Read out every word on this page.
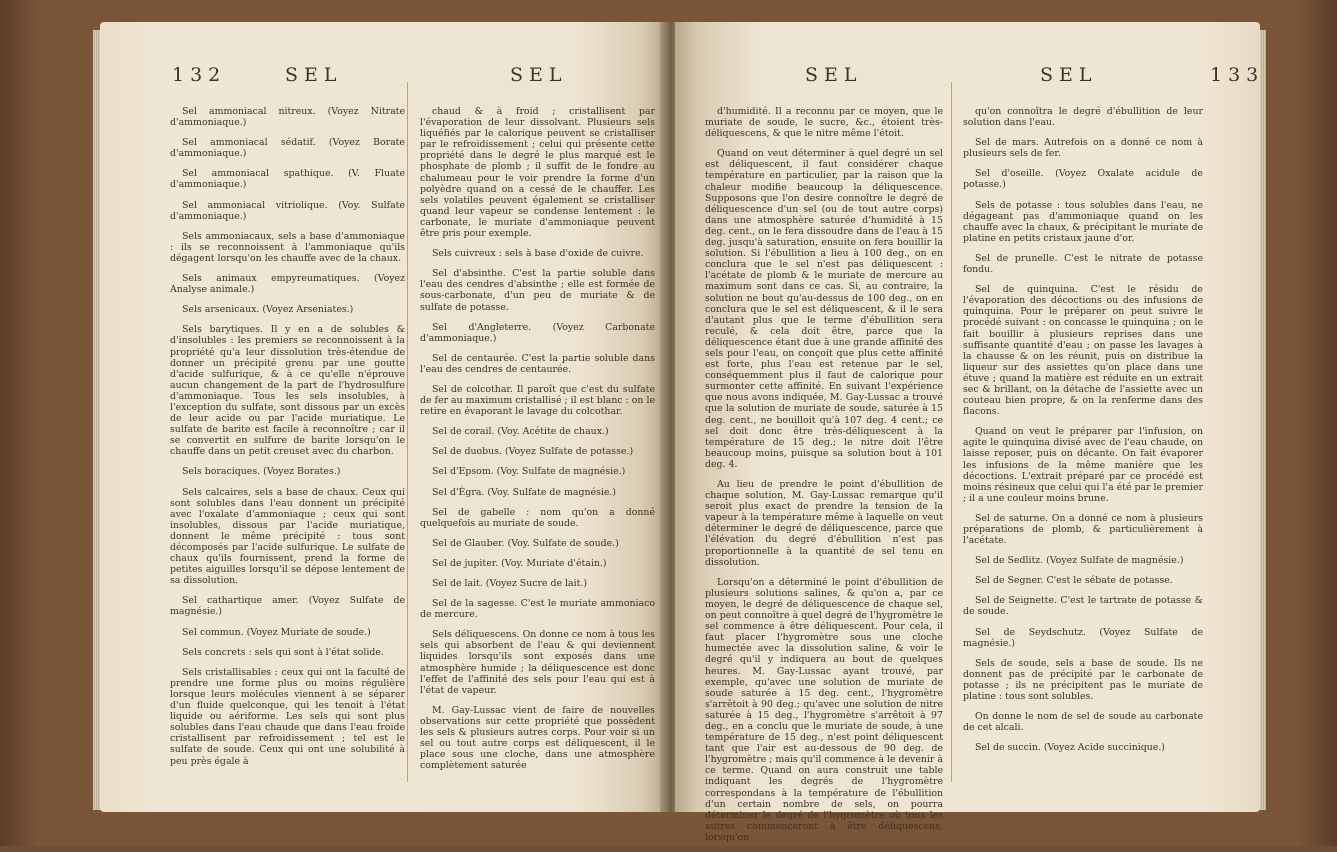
132	SEL	SEL

Sel ammoniacal nitreux. (Voyez Nitrate d'ammoniaque.)

Sel ammoniacal sédatif. (Voyez Borate d'ammoniaque.)

Sel ammoniacal spathique. (V. Fluate d'ammoniaque.)

Sel ammoniacal vitriolique. (Voy. Sulfate d'ammoniaque.)

Sels ammoniacaux, sels a base d'ammoniaque : ils se reconnoissent à l'ammoniaque qu'ils dégagent lorsqu'on les chauffe avec de la chaux.

Sels animaux empyreumatiques. (Voyez Analyse animale.)

Sels arsenicaux. (Voyez Arseniates.)

Sels barytiques. Il y en a de solubles & d'insolubles : les premiers se reconnoissent à la propriété qu'a leur dissolution très-étendue de donner un précipité grenu par une goutte d'acide sulfurique, & à ce qu'elle n'éprouve aucun changement de la part de l'hydrosulfure d'ammoniaque. Tous les sels insolubles, à l'exception du sulfate, sont dissous par un excès de leur acide ou par l'acide muriatique. Le sulfate de barite est facile à reconnoître ; car il se convertit en sulfure de barite lorsqu'on le chauffe dans un petit creuset avec du charbon.

Sels boraciques. (Voyez Borates.)

Sels calcaires, sels a base de chaux. Ceux qui sont solubles dans l'eau donnent un précipité avec l'oxalate d'ammoniaque ; ceux qui sont insolubles, dissous par l'acide muriatique, donnent le même précipité : tous sont décomposés par l'acide sulfurique. Le sulfate de chaux qu'ils fournissent, prend la forme de petites aiguilles lorsqu'il se dépose lentement de sa dissolution.

Sel cathartique amer. (Voyez Sulfate de magnésie.)

Sel commun. (Voyez Muriate de soude.)

Sels concrets : sels qui sont à l'état solide.

Sels cristallisables : ceux qui ont la faculté de prendre une forme plus ou moins régulière lorsque leurs molécules viennent à se séparer d'un fluide quelconque, qui les tenoit à l'état liquide ou aériforme. Les sels qui sont plus solubles dans l'eau chaude que dans l'eau froide cristallisent par refroidissement ; tel est le sulfate de soude. Ceux qui ont une solubilité à peu près égale à

chaud & à froid ; cristallisent par l'évaporation de leur dissolvant. Plusieurs sels liquéfiés par le calorique peuvent se cristalliser par le refroidissement ; celui qui présente cette propriété dans le degré le plus marqué est le phosphate de plomb ; il suffit de le fondre au chalumeau pour le voir prendre la forme d'un polyèdre quand on a cessé de le chauffer. Les sels volatiles peuvent également se cristalliser quand leur vapeur se condense lentement : le carbonate, le muriate d'ammoniaque peuvent être pris pour exemple.

Sels cuivreux : sels à base d'oxide de cuivre.

Sel d'absinthe. C'est la partie soluble dans l'eau des cendres d'absinthe ; elle est formée de sous-carbonate, d'un peu de muriate & de sulfate de potasse.

Sel d'Angleterre. (Voyez Carbonate d'ammoniaque.)

Sel de centaurée. C'est la partie soluble dans l'eau des cendres de centaurée.

Sel de colcothar. Il paroît que c'est du sulfate de fer au maximum cristallisé ; il est blanc : on le retire en évaporant le lavage du colcothar.

Sel de corail. (Voy. Acétite de chaux.)

Sel de duobus. (Voyez Sulfate de potasse.)

Sel d'Epsom. (Voy. Sulfate de magnésie.)

Sel d'Égra. (Voy. Sulfate de magnésie.)

Sel de gabelle : nom qu'on a donné quelquefois au muriate de soude.

Sel de Glauber. (Voy. Sulfate de soude.)

Sel de jupiter. (Voy. Muriate d'étain.)

Sel de lait. (Voyez Sucre de lait.)

Sel de la sagesse. C'est le muriate ammoniaco de mercure.

Sels déliquescens. On donne ce nom à tous les sels qui absorbent de l'eau & qui deviennent liquides lorsqu'ils sont exposés dans une atmosphère humide ; la déliquescence est donc l'effet de l'affinité des sels pour l'eau qui est à l'état de vapeur.

M. Gay-Lussac vient de faire de nouvelles observations sur cette propriété que possèdent les sels & plusieurs autres corps. Pour voir si un sel ou tout autre corps est déliquescent, il le place sous une cloche, dans une atmosphère complètement saturée

SEL	SEL	133

d'humidité. Il a reconnu par ce moyen, que le muriate de soude, le sucre, &c., étoient très-déliquescens, & que le nitre même l'étoit.

Quand on veut déterminer à quel degré un sel est déliquescent, il faut considérer chaque température en particulier, par la raison que la chaleur modifie beaucoup la déliquescence. Supposons que l'on desire connoître le degré de déliquescence d'un sel (ou de tout autre corps) dans une atmosphère saturée d'humidité à 15 deg. cent., on le fera dissoudre dans de l'eau à 15 deg. jusqu'à saturation, ensuite on fera bouillir la solution. Si l'ébullition a lieu à 100 deg., on en conclura que le sel n'est pas déliquescent : l'acétate de plomb & le muriate de mercure au maximum sont dans ce cas. Si, au contraire, la solution ne bout qu'au-dessus de 100 deg., on en conclura que le sel est déliquescent, & il le sera d'autant plus que le terme d'ébullition sera reculé, & cela doit être, parce que la déliquescence étant due à une grande affinité des sels pour l'eau, on conçoit que plus cette affinité est forte, plus l'eau est retenue par le sel, conséquemment plus il faut de calorique pour surmonter cette affinité. En suivant l'expérience que nous avons indiquée, M. Gay-Lussac a trouvé que la solution de muriate de soude, saturée à 15 deg. cent., ne bouilloit qu'à 107 deg. 4 cent.; ce sel doit donc être très-déliquescent à la température de 15 deg.; le nitre doit l'être beaucoup moins, puisque sa solution bout à 101 deg. 4.

Au lieu de prendre le point d'ébullition de chaque solution, M. Gay-Lussac remarque qu'il seroit plus exact de prendre la tension de la vapeur à la température même à laquelle on veut déterminer le degré de déliquescence, parce que l'élévation du degré d'ébullition n'est pas proportionnelle à la quantité de sel tenu en dissolution.

Lorsqu'on a déterminé le point d'ébullition de plusieurs solutions salines, & qu'on a, par ce moyen, le degré de déliquescence de chaque sel, on peut connoître à quel degré de l'hygromètre le sel commence à être déliquescent. Pour cela, il faut placer l'hygromètre sous une cloche humectée avec la dissolution saline, & voir le degré qu'il y indiquera au bout de quelques heures. M. Gay-Lussac ayant trouvé, par exemple, qu'avec une solution de muriate de soude saturée à 15 deg. cent., l'hygromètre s'arrêtoit à 90 deg.; qu'avec une solution de nitre saturée à 15 deg., l'hygromètre s'arrêtoit à 97 deg., en a conclu que le muriate de soude, à une température de 15 deg., n'est point déliquescent tant que l'air est au-dessous de 90 deg. de l'hygromètre ; mais qu'il commence à le devenir à ce terme. Quand on aura construit une table indiquant les degrés de l'hygromètre correspondans à la température de l'ébullition d'un certain nombre de sels, on pourra déterminer le degré de l'hygromètre où tous les autres commenceront à être déliquescens, lorsqu'on

qu'on connoîtra le degré d'ébullition de leur solution dans l'eau.

Sel de mars. Autrefois on a donné ce nom à plusieurs sels de fer.

Sel d'oseille. (Voyez Oxalate acidule de potasse.)

Sels de potasse : tous solubles dans l'eau, ne dégageant pas d'ammoniaque quand on les chauffe avec la chaux, & précipitant le muriate de platine en petits cristaux jaune d'or.

Sel de prunelle. C'est le nitrate de potasse fondu.

Sel de quinquina. C'est le résidu de l'évaporation des décoctions ou des infusions de quinquina. Pour le préparer on peut suivre le procédé suivant : on concasse le quinquina ; on le fait bouillir à plusieurs reprises dans une suffisante quantité d'eau ; on passe les lavages à la chausse & on les réunit, puis on distribue la liqueur sur des assiettes qu'on place dans une étuve ; quand la matière est réduite en un extrait sec & brillant, on la détache de l'assiette avec un couteau bien propre, & on la renferme dans des flacons.

Quand on veut le préparer par l'infusion, on agite le quinquina divisé avec de l'eau chaude, on laisse reposer, puis on décante. On fait évaporer les infusions de la même manière que les décoctions. L'extrait préparé par ce procédé est moins résineux que celui qui l'a été par le premier ; il a une couleur moins brune.

Sel de saturne. On a donné ce nom à plusieurs préparations de plomb, & particulièrement à l'acétate.

Sel de Sedlitz. (Voyez Sulfate de magnésie.)

Sel de Segner. C'est le sébate de potasse.

Sel de Seignette. C'est le tartrate de potasse & de soude.

Sel de Seydschutz. (Voyez Sulfate de magnésie.)

Sels de soude, sels a base de soude. Ils ne donnent pas de précipité par le carbonate de potasse ; ils ne précipitent pas le muriate de platine : tous sont solubles.

On donne le nom de sel de soude au carbonate de cet alcali.

Sel de succin. (Voyez Acide succinique.)
